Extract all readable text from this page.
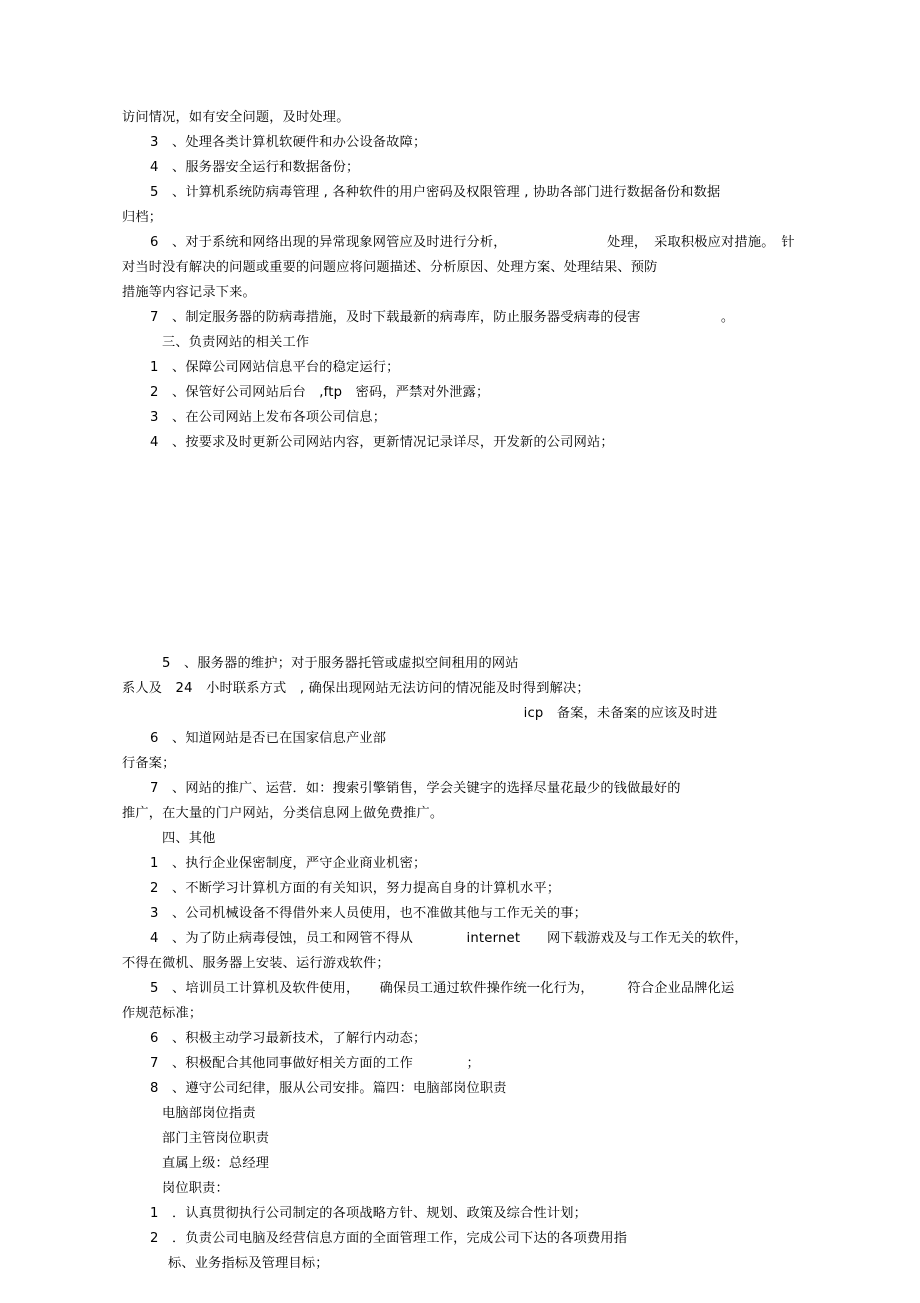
访问情况，如有安全问题，及时处理。
3　、处理各类计算机软硬件和办公设备故障；
4　、服务器安全运行和数据备份；
5　、计算机系统防病毒管理 , 各种软件的用户密码及权限管理 , 协助各部门进行数据备份和数据
归档；
6　、对于系统和网络出现的异常现象网管应及时进行分析，　　　　　　　　处理，　采取积极应对措施。　针
对当时没有解决的问题或重要的问题应将问题描述、分析原因、处理方案、处理结果、预防
措施等内容记录下来。
7　、制定服务器的防病毒措施，及时下载最新的病毒库，防止服务器受病毒的侵害　　　　　　。
三、负责网站的相关工作
1　、保障公司网站信息平台的稳定运行；
2　、保管好公司网站后台　,ftp　密码，严禁对外泄露；
3　、在公司网站上发布各项公司信息；
4　、按要求及时更新公司网站内容，更新情况记录详尽，开发新的公司网站；
5　、服务器的维护；对于服务器托管或虚拟空间租用的网站
系人及　24　小时联系方式　, 确保出现网站无法访问的情况能及时得到解决；
　　　　　　　　　　　　　　　　　　　　　　　　　　　　　　icp　备案，未备案的应该及时进
6　、知道网站是否已在国家信息产业部
行备案；
7　、网站的推广、运营．如：搜索引擎销售，学会关键字的选择尽量花最少的钱做最好的
推广，在大量的门户网站，分类信息网上做免费推广。
四、其他
1　、执行企业保密制度，严守企业商业机密；
2　、不断学习计算机方面的有关知识，努力提高自身的计算机水平；
3　、公司机械设备不得借外来人员使用，也不准做其他与工作无关的事；
4　、为了防止病毒侵蚀，员工和网管不得从　　　　internet　　网下载游戏及与工作无关的软件，
不得在微机、服务器上安装、运行游戏软件；
5　、培训员工计算机及软件使用，　　确保员工通过软件操作统一化行为，　　　符合企业品牌化运
作规范标准；
6　、积极主动学习最新技术，了解行内动态；
7　、积极配合其他同事做好相关方面的工作　　　　；
8　、遵守公司纪律，服从公司安排。篇四：电脑部岗位职责
电脑部岗位指责
部门主管岗位职责
直属上级：总经理
岗位职责：
1　．认真贯彻执行公司制定的各项战略方针、规划、政策及综合性计划；
2　．负责公司电脑及经营信息方面的全面管理工作，完成公司下达的各项费用指
标、业务指标及管理目标；
